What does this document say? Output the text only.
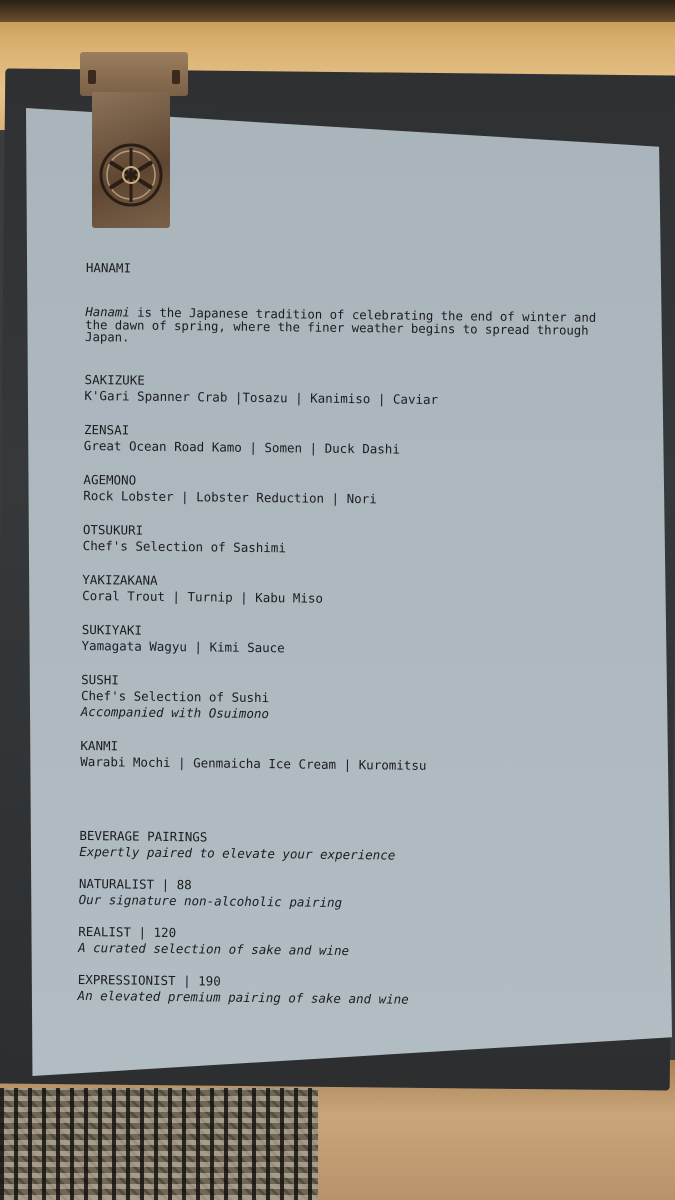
HANAMI
Hanami is the Japanese tradition of celebrating the end of winter and the dawn of spring, where the finer weather begins to spread through Japan.
SAKIZUKE
K'Gari Spanner Crab |Tosazu | Kanimiso | Caviar
ZENSAI
Great Ocean Road Kamo | Somen | Duck Dashi
AGEMONO
Rock Lobster | Lobster Reduction | Nori
OTSUKURI
Chef's Selection of Sashimi
YAKIZAKANA
Coral Trout | Turnip | Kabu Miso
SUKIYAKI
Yamagata Wagyu | Kimi Sauce
SUSHI
Chef's Selection of Sushi
Accompanied with Osuimono
KANMI
Warabi Mochi | Genmaicha Ice Cream | Kuromitsu
BEVERAGE PAIRINGS
Expertly paired to elevate your experience
NATURALIST | 88
Our signature non-alcoholic pairing
REALIST | 120
A curated selection of sake and wine
EXPRESSIONIST | 190
An elevated premium pairing of sake and wine
